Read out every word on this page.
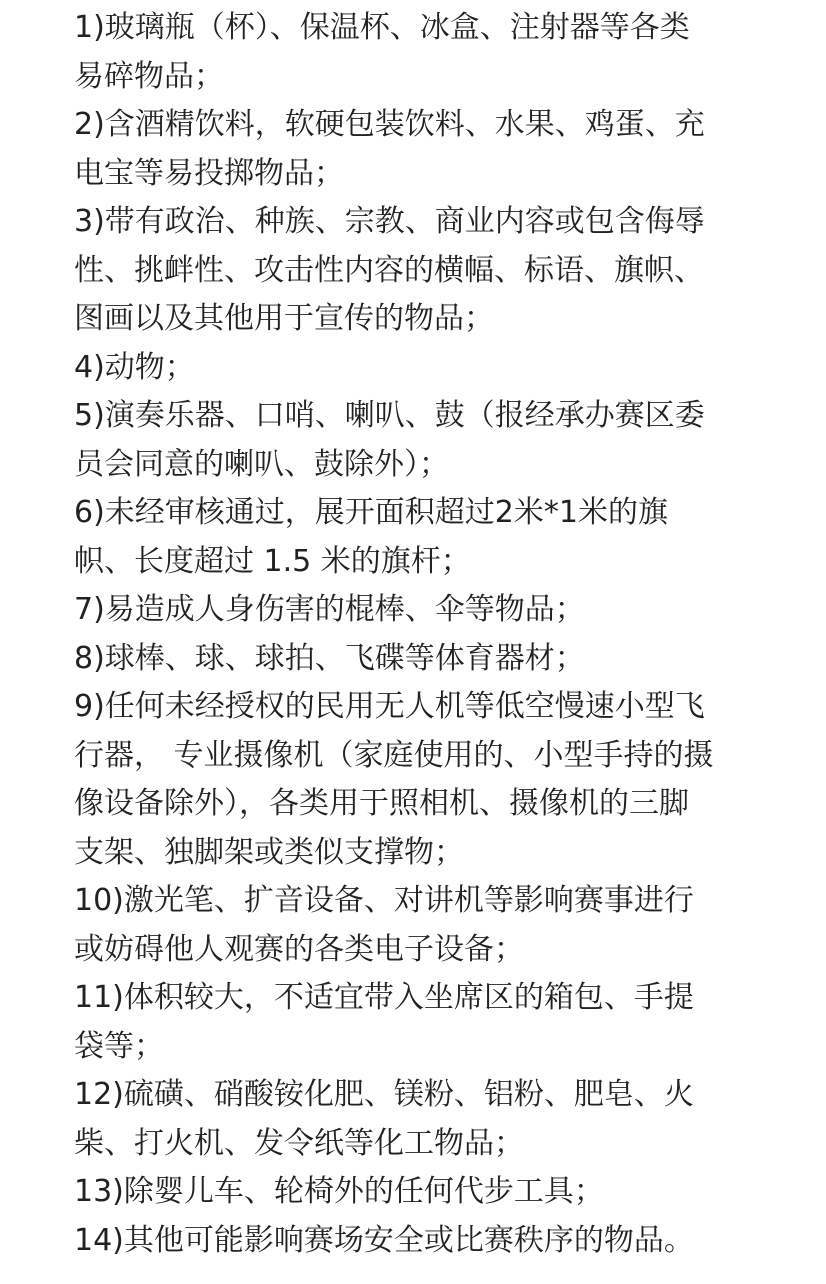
1)玻璃瓶（杯）、保温杯、冰盒、注射器等各类
易碎物品；

2)含酒精饮料，软硬包装饮料、水果、鸡蛋、充
电宝等易投掷物品；

3)带有政治、种族、宗教、商业内容或包含侮辱
性、挑衅性、攻击性内容的横幅、标语、旗帜、
图画以及其他用于宣传的物品；

4)动物；

5)演奏乐器、口哨、喇叭、鼓（报经承办赛区委
员会同意的喇叭、鼓除外）；

6)未经审核通过，展开面积超过2米*1米的旗
帜、长度超过 1.5 米的旗杆；

7)易造成人身伤害的棍棒、伞等物品；

8)球棒、球、球拍、飞碟等体育器材；

9)任何未经授权的民用无人机等低空慢速小型飞
行器， 专业摄像机（家庭使用的、小型手持的摄
像设备除外），各类用于照相机、摄像机的三脚
支架、独脚架或类似支撑物；

10)激光笔、扩音设备、对讲机等影响赛事进行
或妨碍他人观赛的各类电子设备；

11)体积较大，不适宜带入坐席区的箱包、手提
袋等；

12)硫磺、硝酸铵化肥、镁粉、铝粉、肥皂、火
柴、打火机、发令纸等化工物品；

13)除婴儿车、轮椅外的任何代步工具；

14)其他可能影响赛场安全或比赛秩序的物品。
